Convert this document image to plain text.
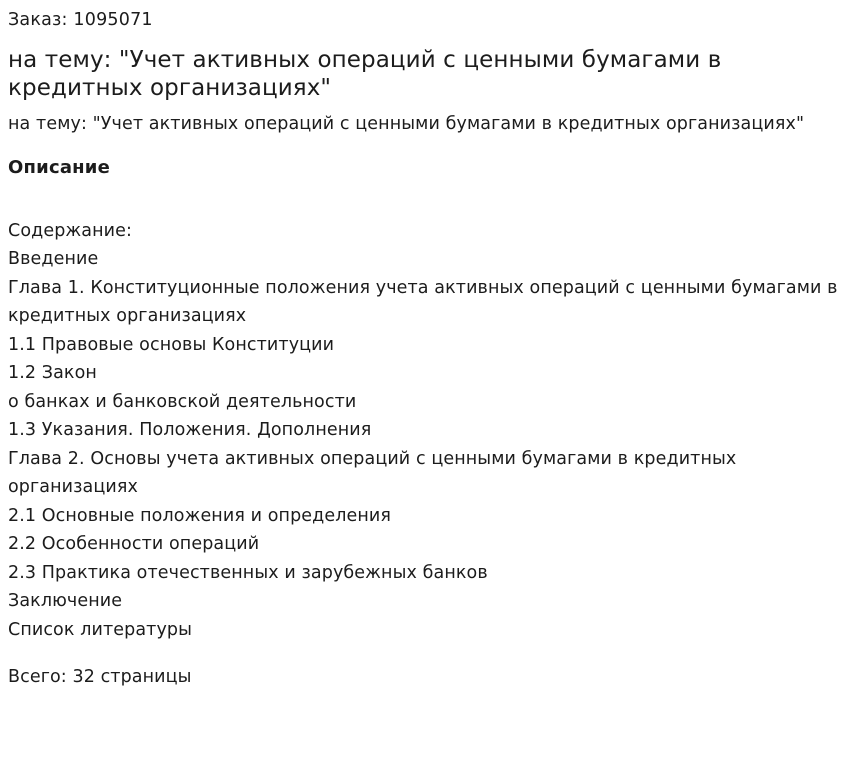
Заказ: 1095071

на тему: "Учет активных операций с ценными бумагами в кредитных организациях"

на тему: "Учет активных операций с ценными бумагами в кредитных организациях"

Описание
Содержание:
Введение
Глава 1. Конституционные положения учета активных операций с ценными бумагами в кредитных организациях
1.1 Правовые основы Конституции
1.2 Закон
о банках и банковской деятельности
1.3 Указания. Положения. Дополнения
Глава 2. Основы учета активных операций с ценными бумагами в кредитных организациях
2.1 Основные положения и определения
2.2 Особенности операций
2.3 Практика отечественных и зарубежных банков
Заключение
Список литературы

Всего: 32 страницы
